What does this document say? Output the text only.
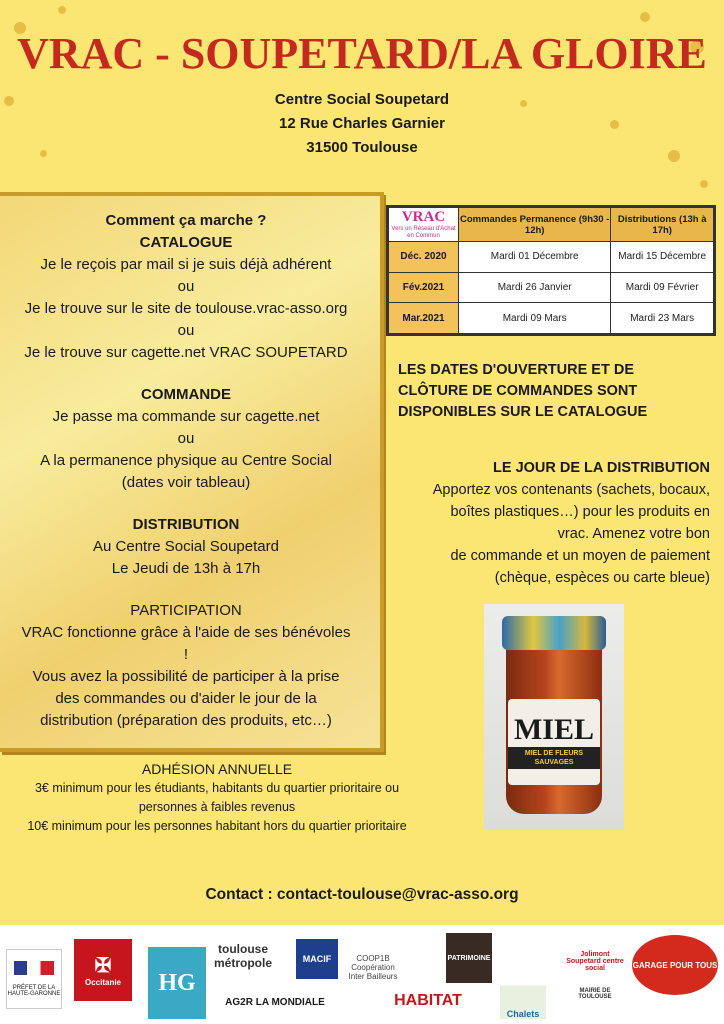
VRAC - SOUPETARD/LA GLOIRE
Centre Social Soupetard
12 Rue Charles Garnier
31500 Toulouse
Comment ça marche ?
CATALOGUE
Je le reçois par mail si je suis déjà adhérent
ou
Je le trouve sur le site de toulouse.vrac-asso.org
ou
Je le trouve sur cagette.net VRAC SOUPETARD
COMMANDE
Je passe ma commande sur cagette.net
ou
A la permanence physique au Centre Social
(dates voir tableau)
DISTRIBUTION
Au Centre Social Soupetard
Le Jeudi de 13h à 17h
PARTICIPATION
VRAC fonctionne grâce à l'aide de ses bénévoles
!
Vous avez la possibilité de participer à la prise
des commandes ou d'aider le jour de la
distribution (préparation des produits, etc…)
ADHÉSION ANNUELLE
3€ minimum pour les étudiants, habitants du quartier prioritaire ou
personnes à faibles revenus
10€ minimum pour les personnes habitant hors du quartier prioritaire
VRAC
Vers un Réseau d'Achat en Commun	Commandes Permanence (9h30 - 12h)	Distributions (13h à 17h)
Déc. 2020	Mardi 01 Décembre	Mardi 15 Décembre
Fév.2021	Mardi 26 Janvier	Mardi 09 Février
Mar.2021	Mardi 09 Mars	Mardi 23 Mars
LES DATES D'OUVERTURE ET DE
CLÔTURE DE COMMANDES SONT
DISPONIBLES SUR LE CATALOGUE
LE JOUR DE LA DISTRIBUTION
Apportez vos contenants (sachets, bocaux,
boîtes plastiques…) pour les produits en
vrac. Amenez votre bon
de commande et un moyen de paiement
(chèque, espèces ou carte bleue)
MIEL
MIEL DE FLEURS SAUVAGES
Contact : contact-toulouse@vrac-asso.org
PRÉFET DE LA HAUTE-GARONNE
✠
Occitanie HG
toulouse métropole
AG2R LA MONDIALE
MACIF	COOP1B Coopération Inter Bailleurs
PATRIMOINE
HABITAT
Chalets
Jolimont Soupetard centre social
MAIRIE DE TOULOUSE
GARAGE POUR TOUS
